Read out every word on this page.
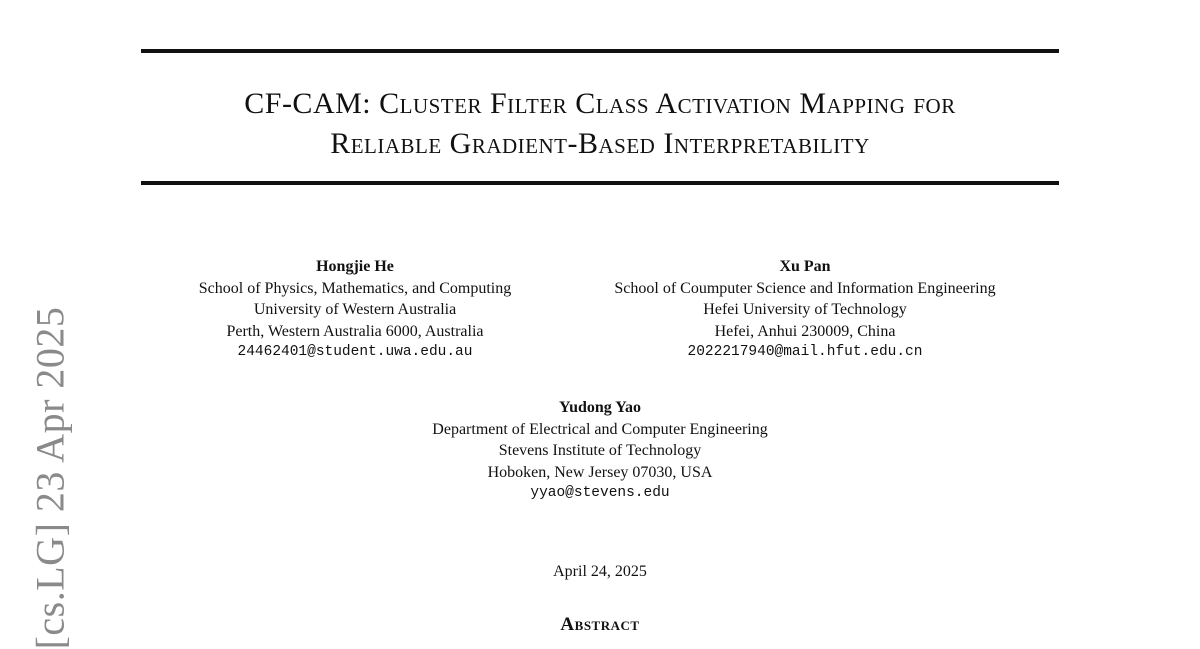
[cs.LG] 23 Apr 2025
CF-CAM: Cluster Filter Class Activation Mapping for
Reliable Gradient-Based Interpretability
Hongjie He
School of Physics, Mathematics, and Computing
University of Western Australia
Perth, Western Australia 6000, Australia
24462401@student.uwa.edu.au
Xu Pan
School of Coumputer Science and Information Engineering
Hefei University of Technology
Hefei, Anhui 230009, China
2022217940@mail.hfut.edu.cn
Yudong Yao
Department of Electrical and Computer Engineering
Stevens Institute of Technology
Hoboken, New Jersey 07030, USA
yyao@stevens.edu
April 24, 2025
Abstract
